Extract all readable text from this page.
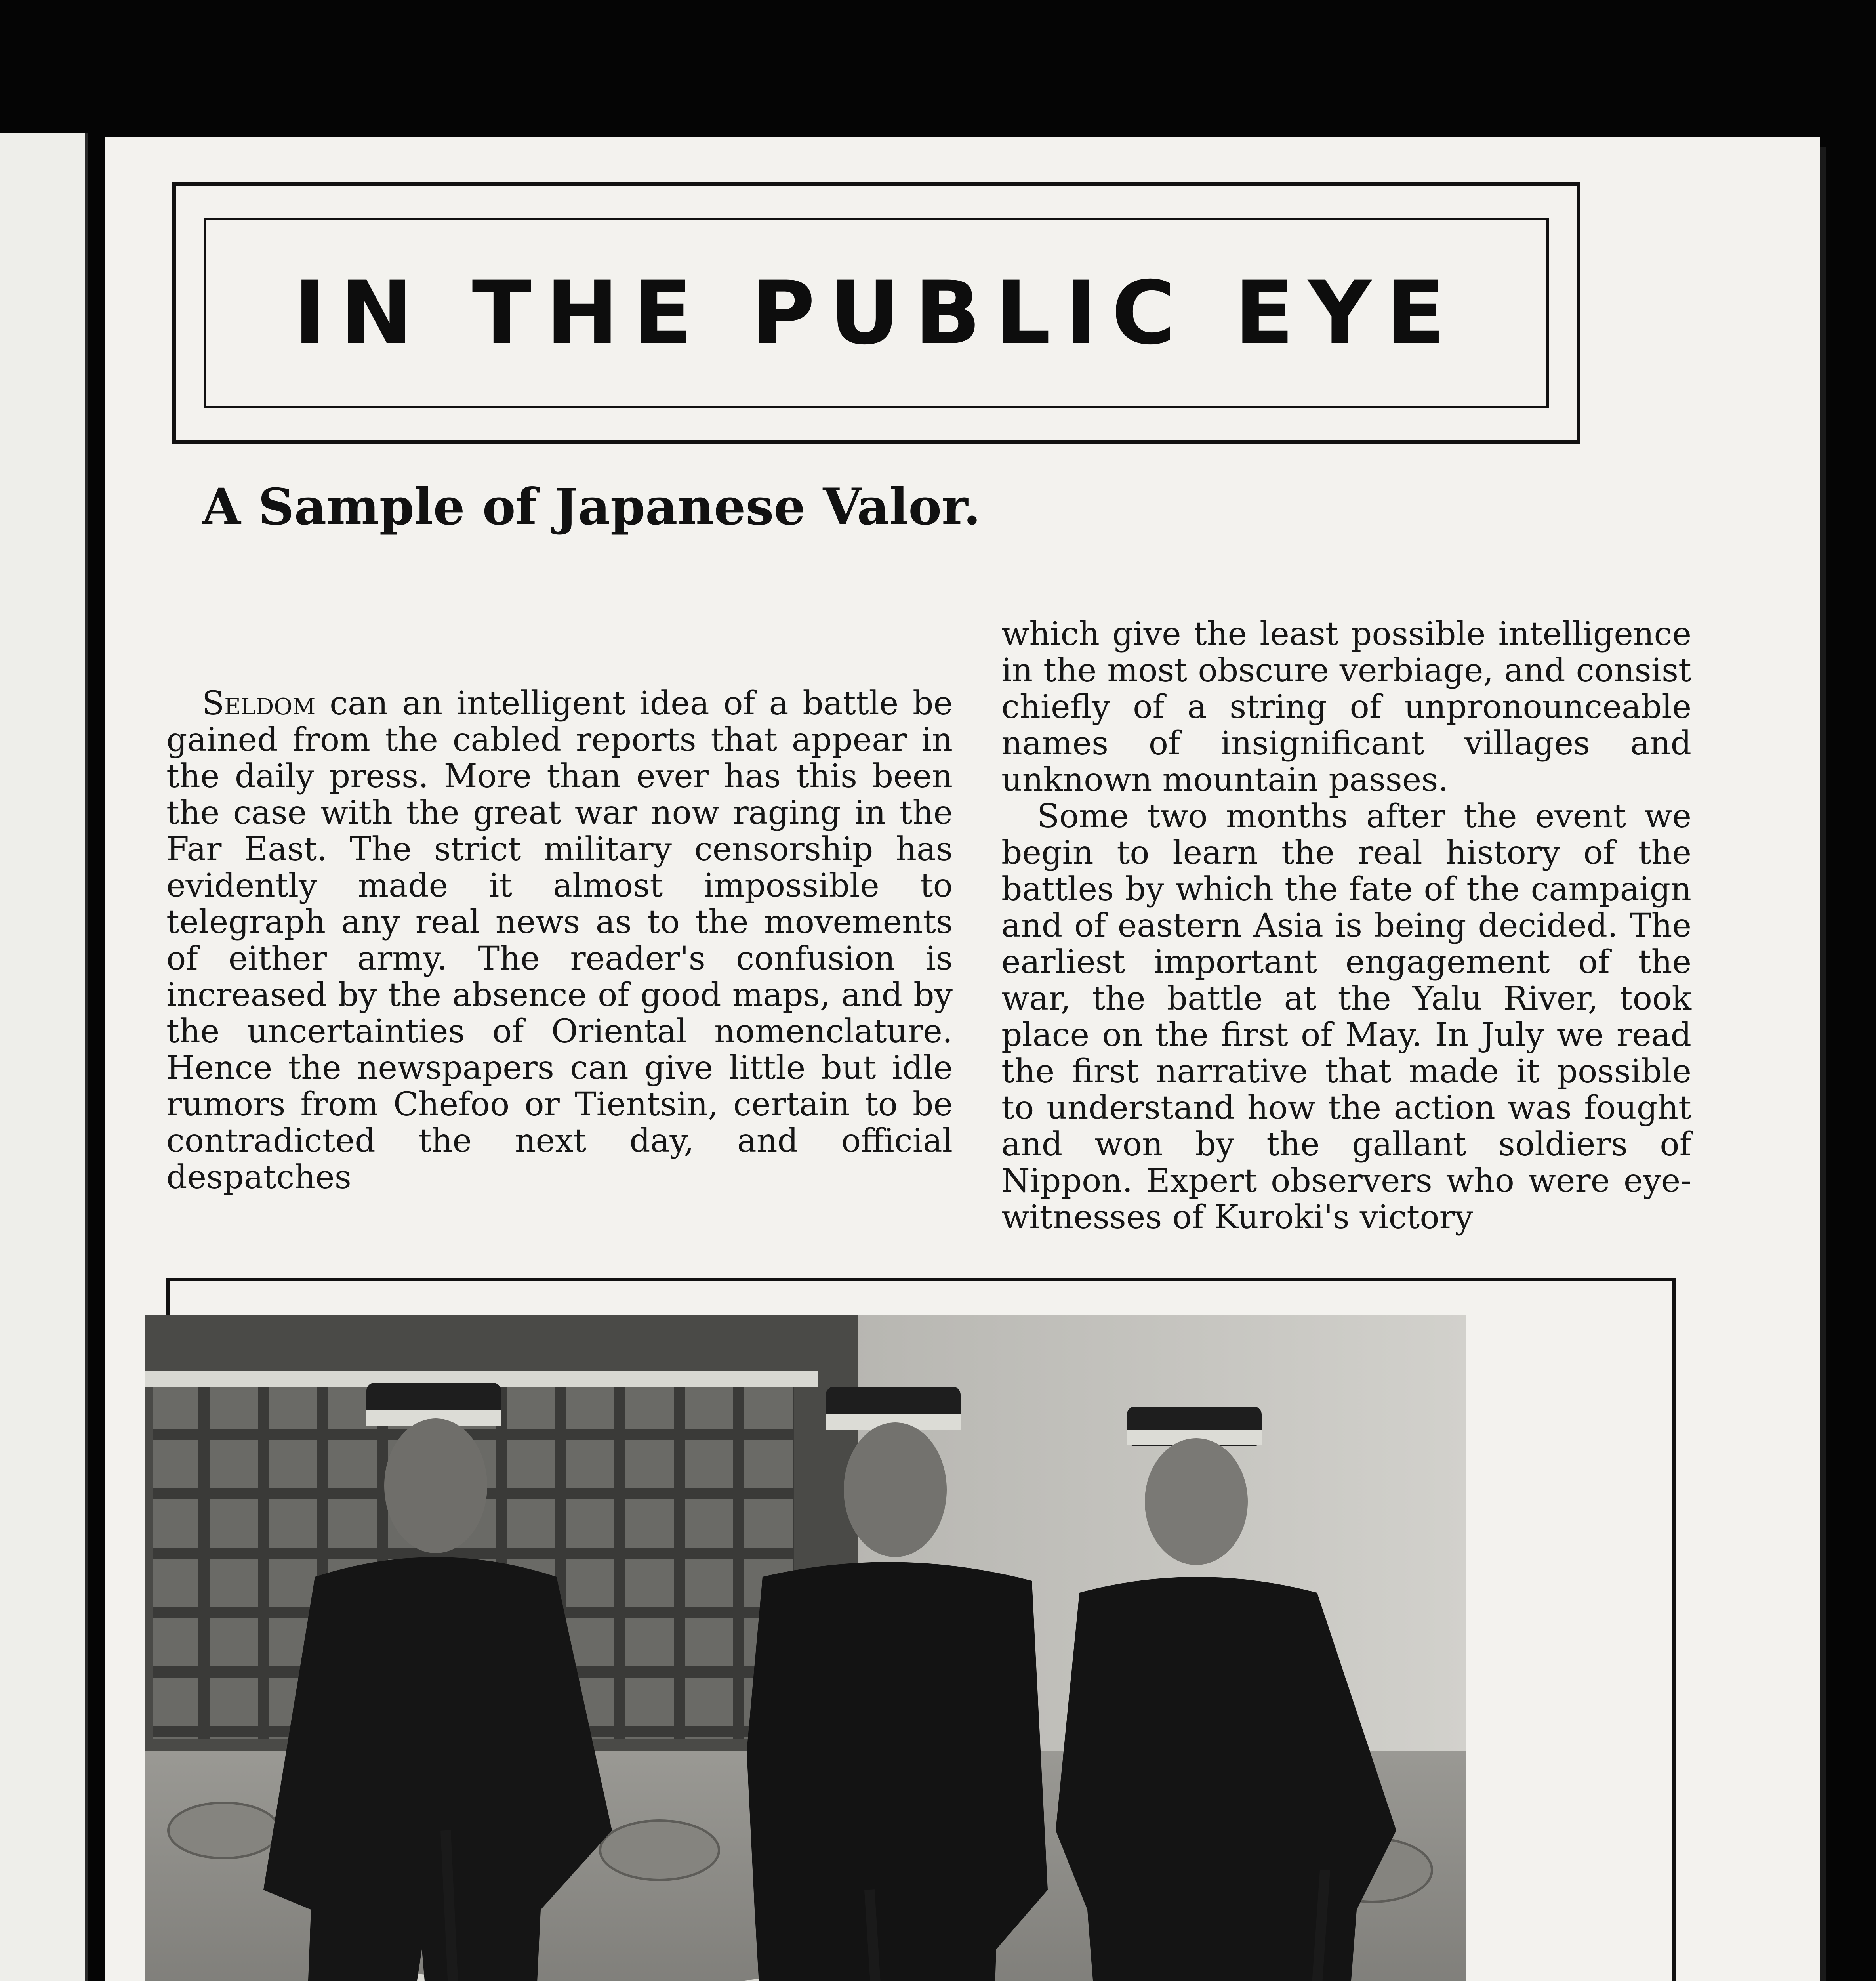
IN THE PUBLIC EYE
A Sample of Japanese Valor.

Seldom can an intelligent idea of a battle be gained from the cabled reports that appear in the daily press. More than ever has this been the case with the great war now raging in the Far East. The strict military censorship has evidently made it almost impossible to telegraph any real news as to the movements of either army. The reader's confusion is increased by the absence of good maps, and by the uncertainties of Oriental nomenclature. Hence the newspapers can give little but idle rumors from Chefoo or Tientsin, certain to be contradicted the next day, and official despatches

which give the least possible intelligence in the most obscure verbiage, and consist chiefly of a string of unpronounceable names of insignificant villages and unknown mountain passes.

Some two months after the event we begin to learn the real history of the battles by which the fate of the campaign and of eastern Asia is being decided. The earliest important engagement of the war, the battle at the Yalu River, took place on the first of May. In July we read the first narrative that made it possible to understand how the action was fought and won by the gallant soldiers of Nippon. Expert observers who were eye-witnesses of Kuroki's victory
